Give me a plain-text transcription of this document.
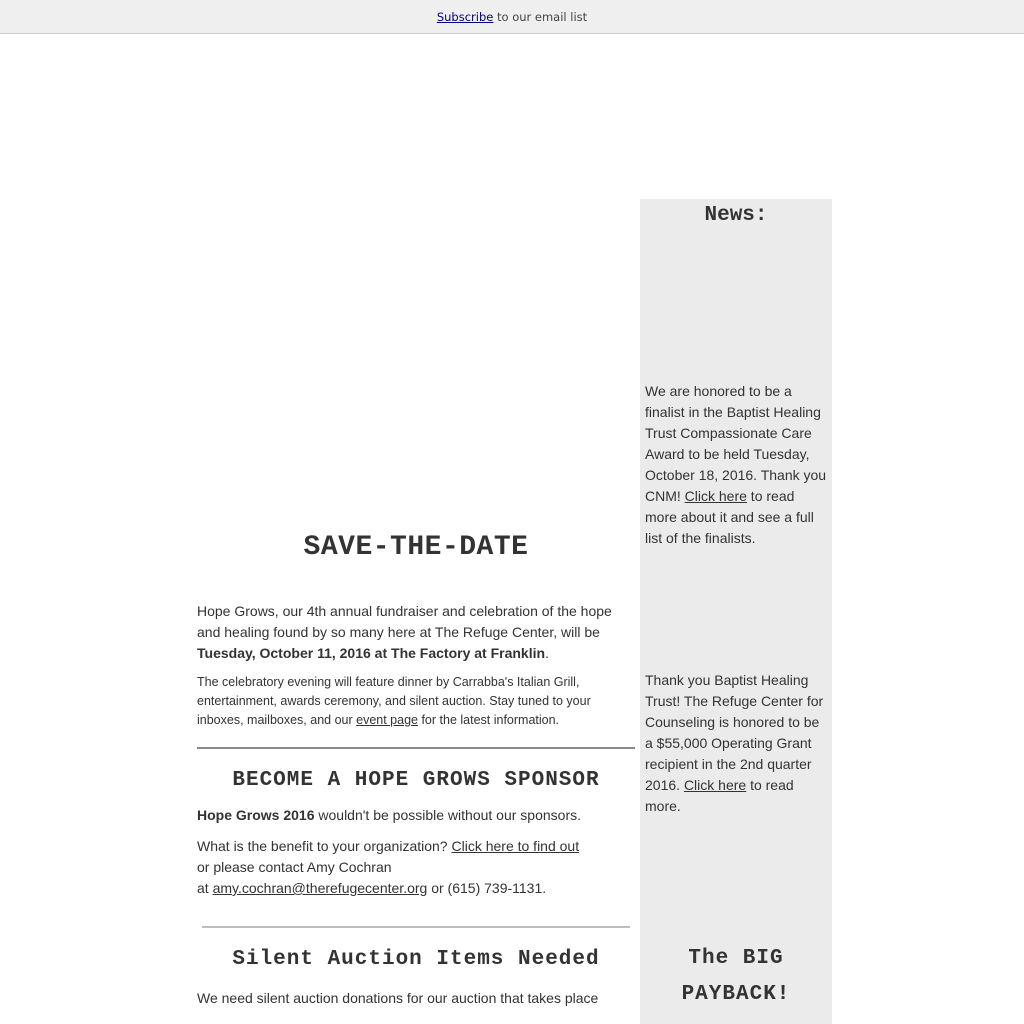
Subscribe to our email list
SAVE-THE-DATE

Hope Grows, our 4th annual fundraiser and celebration of the hope and healing found by so many here at The Refuge Center, will be Tuesday, October 11, 2016 at The Factory at Franklin.

The celebratory evening will feature dinner by Carrabba's Italian Grill, entertainment, awards ceremony, and silent auction. Stay tuned to your inboxes, mailboxes, and our event page for the latest information.

BECOME A HOPE GROWS SPONSOR

Hope Grows 2016 wouldn't be possible without our sponsors.

What is the benefit to your organization? Click here to find out
or please contact Amy Cochran
at amy.cochran@therefugecenter.org or (615) 739-1131.

Silent Auction Items Needed

We need silent auction donations for our auction that takes place

News:

We are honored to be a finalist in the Baptist Healing Trust Compassionate Care Award to be held Tuesday, October 18, 2016. Thank you CNM! Click here to read more about it and see a full list of the finalists.

Thank you Baptist Healing Trust! The Refuge Center for Counseling is honored to be a $55,000 Operating Grant recipient in the 2nd quarter 2016. Click here to read more.

The BIG
PAYBACK!
